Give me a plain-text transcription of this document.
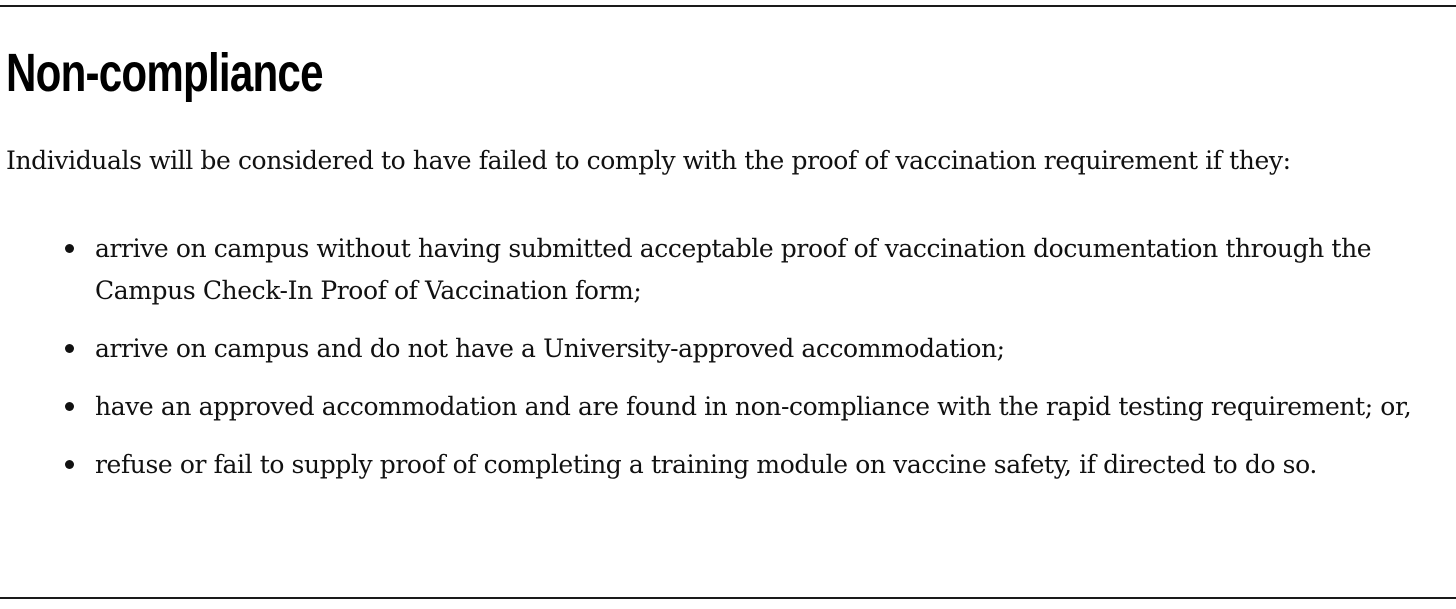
Non-compliance

Individuals will be considered to have failed to comply with the proof of vaccination requirement if they:

arrive on campus without having submitted acceptable proof of vaccination documentation through the Campus Check-In Proof of Vaccination form;
arrive on campus and do not have a University-approved accommodation;
have an approved accommodation and are found in non-compliance with the rapid testing requirement; or,
refuse or fail to supply proof of completing a training module on vaccine safety, if directed to do so.
